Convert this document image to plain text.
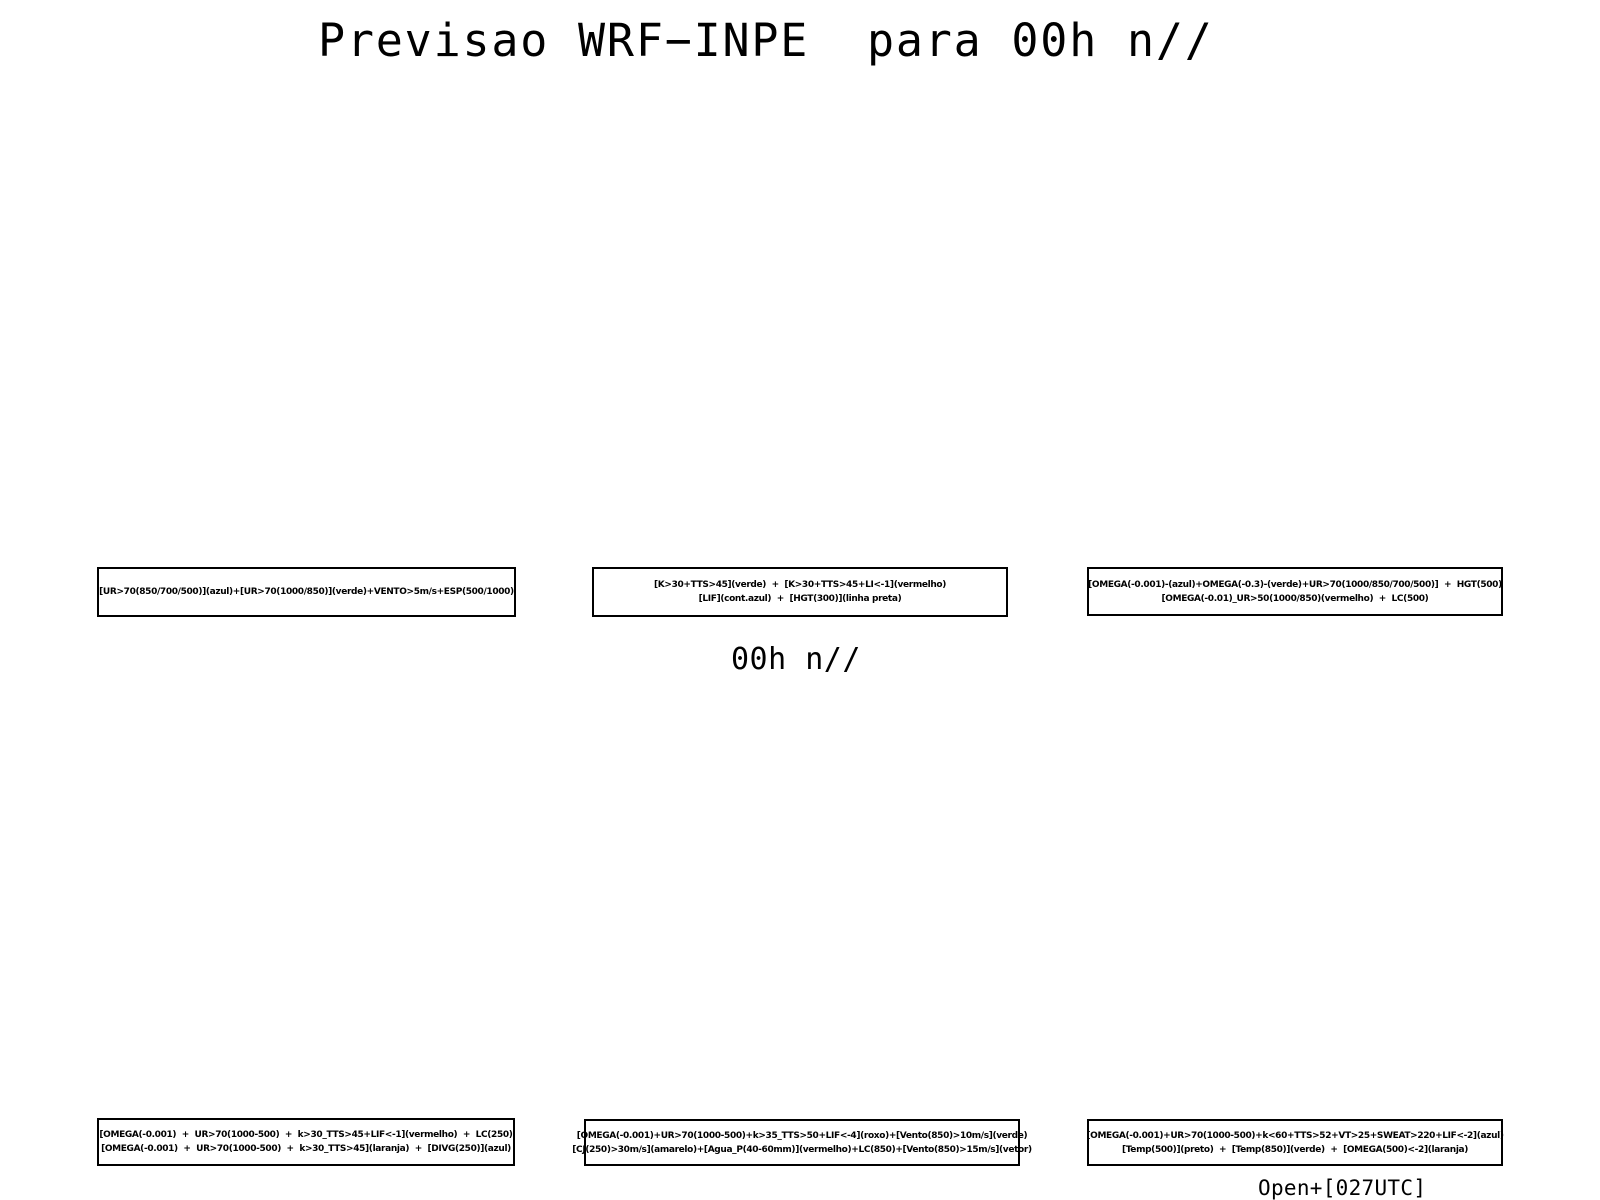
Previsao WRF−INPE  para 00h n//
[UR>70(850/700/500)](azul)+[UR>70(1000/850)](verde)+VENTO>5m/s+ESP(500/1000)
[K>30+TTS>45](verde)  +  [K>30+TTS>45+LI<-1](vermelho)
[LIF](cont.azul)  +  [HGT(300)](linha preta)
[OMEGA(-0.001)-(azul)+OMEGA(-0.3)-(verde)+UR>70(1000/850/700/500)]  +  HGT(500)
[OMEGA(-0.01)_UR>50(1000/850)(vermelho)  +  LC(500)
00h n//
[OMEGA(-0.001)  +  UR>70(1000-500)  +  k>30_TTS>45+LIF<-1](vermelho)  +  LC(250)
[OMEGA(-0.001)  +  UR>70(1000-500)  +  k>30_TTS>45](laranja)  +  [DIVG(250)](azul)
[OMEGA(-0.001)+UR>70(1000-500)+k>35_TTS>50+LIF<-4](roxo)+[Vento(850)>10m/s](verde)
[CJ(250)>30m/s](amarelo)+[Agua_P(40-60mm)](vermelho)+LC(850)+[Vento(850)>15m/s](vetor)
[OMEGA(-0.001)+UR>70(1000-500)+k<60+TTS>52+VT>25+SWEAT>220+LIF<-2](azul)
[Temp(500)](preto)  +  [Temp(850)](verde)  +  [OMEGA(500)<-2](laranja)
Open+[027UTC]
